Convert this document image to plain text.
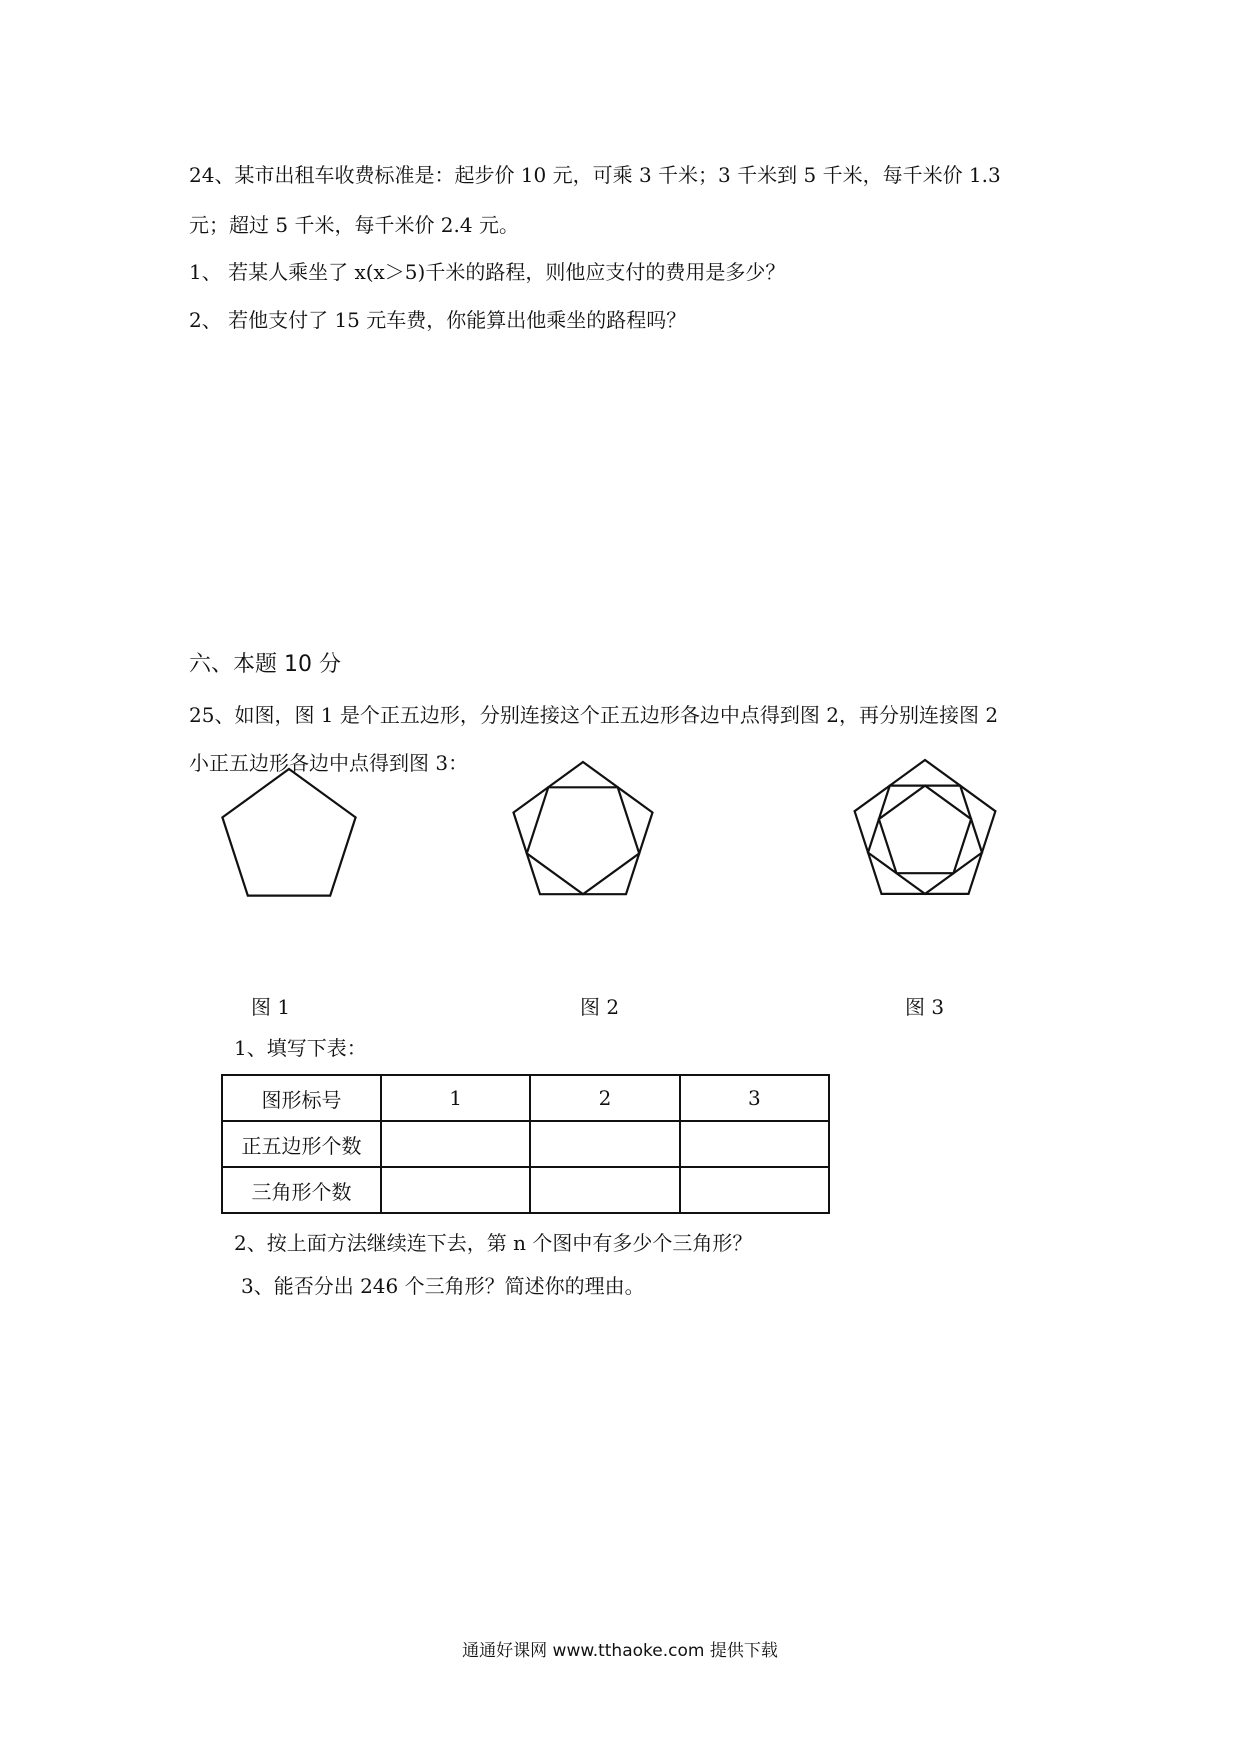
24、某市出租车收费标准是：起步价 10 元，可乘 3 千米；3 千米到 5 千米，每千米价 1.3
元；超过 5 千米，每千米价 2.4 元。
1、 若某人乘坐了 x(x＞5)千米的路程，则他应支付的费用是多少？
2、 若他支付了 15 元车费，你能算出他乘坐的路程吗？
六、本题 10 分
25、如图，图 1 是个正五边形，分别连接这个正五边形各边中点得到图 2，再分别连接图 2
小正五边形各边中点得到图 3：
图 1	图 2	图 3
1、填写下表：
图形标号	1	2	3
正五边形个数			
三角形个数			
2、按上面方法继续连下去，第 n 个图中有多少个三角形？
3、能否分出 246 个三角形？简述你的理由。
通通好课网 www.tthaoke.com 提供下载
